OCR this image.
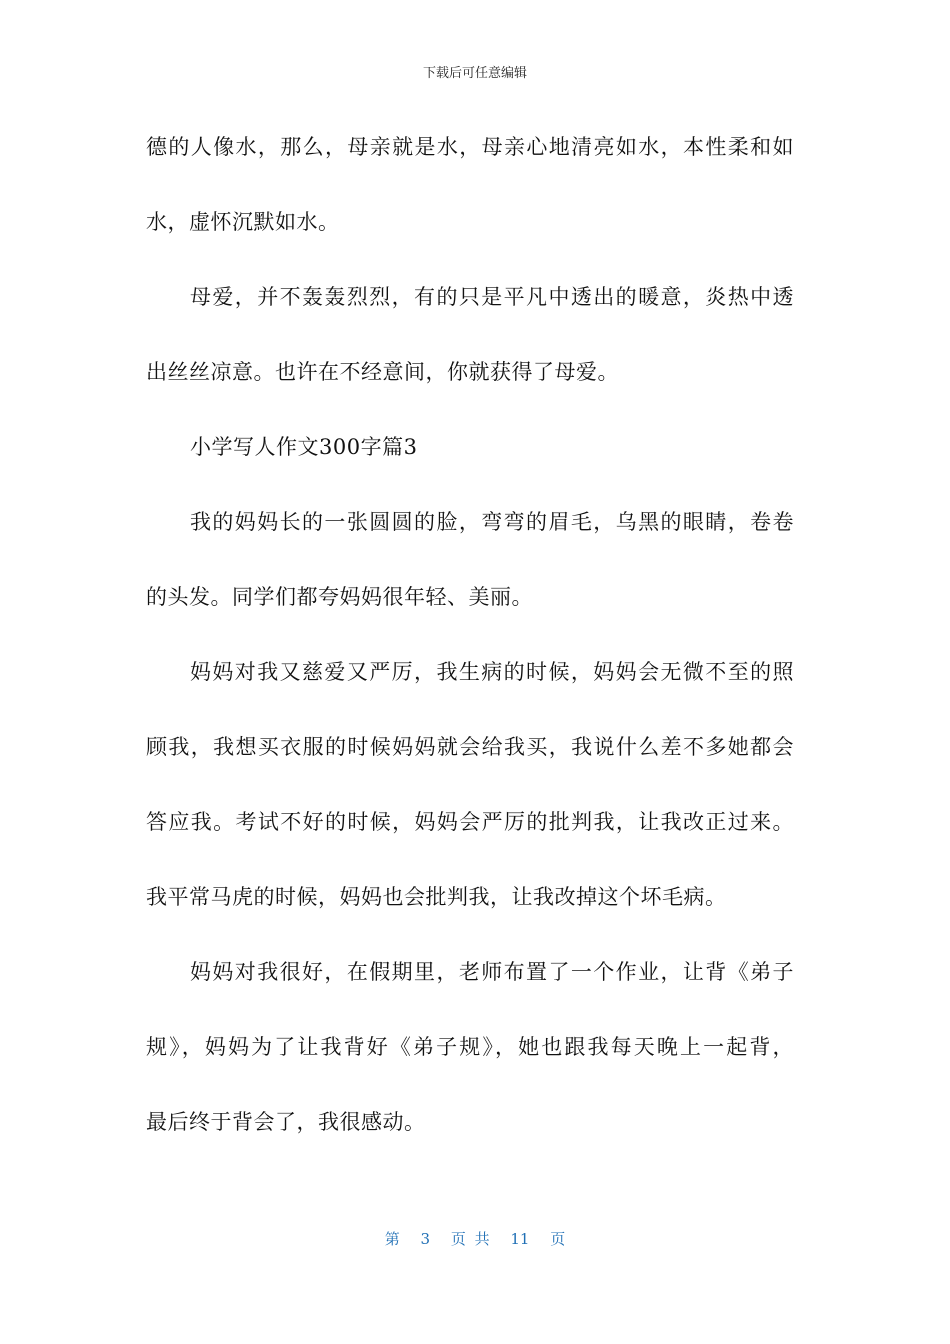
下载后可任意编辑
德的人像水，那么，母亲就是水，母亲心地清亮如水，本性柔和如
水，虚怀沉默如水。
母爱，并不轰轰烈烈，有的只是平凡中透出的暖意，炎热中透
出丝丝凉意。也许在不经意间，你就获得了母爱。
小学写人作文300字篇3
我的妈妈长的一张圆圆的脸，弯弯的眉毛，乌黑的眼睛，卷卷
的头发。同学们都夸妈妈很年轻、美丽。
妈妈对我又慈爱又严厉，我生病的时候，妈妈会无微不至的照
顾我，我想买衣服的时候妈妈就会给我买，我说什么差不多她都会
答应我。考试不好的时候，妈妈会严厉的批判我，让我改正过来。
我平常马虎的时候，妈妈也会批判我，让我改掉这个坏毛病。
妈妈对我很好，在假期里，老师布置了一个作业，让背《弟子
规》，妈妈为了让我背好《弟子规》，她也跟我每天晚上一起背，
最后终于背会了，我很感动。
第 3 页 共 11 页
